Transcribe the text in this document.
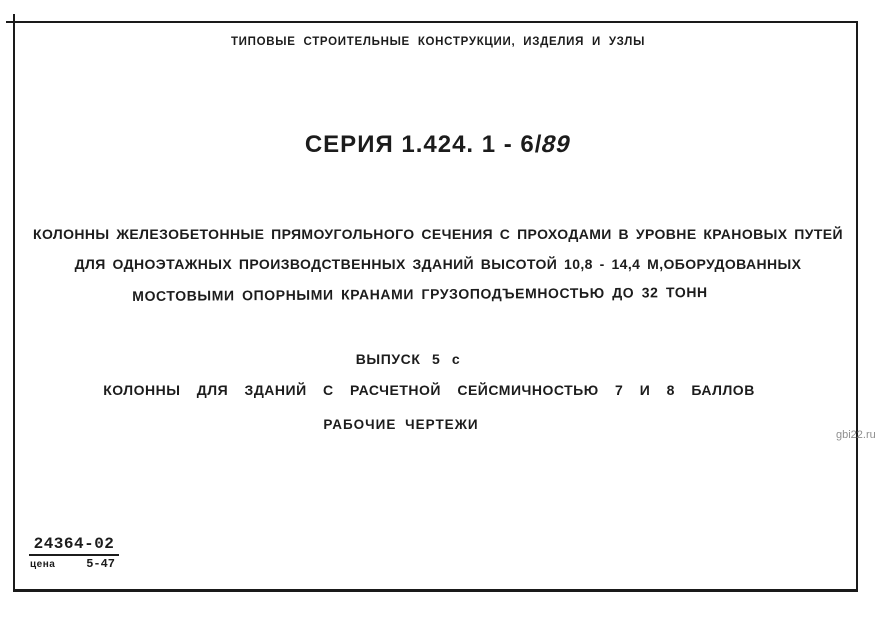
ТИПОВЫЕ СТРОИТЕЛЬНЫЕ КОНСТРУКЦИИ, ИЗДЕЛИЯ И УЗЛЫ
СЕРИЯ 1.424. 1 - 6/89
КОЛОННЫ ЖЕЛЕЗОБЕТОННЫЕ ПРЯМОУГОЛЬНОГО СЕЧЕНИЯ С ПРОХОДАМИ В УРОВНЕ КРАНОВЫХ ПУТЕЙ
ДЛЯ ОДНОЭТАЖНЫХ ПРОИЗВОДСТВЕННЫХ ЗДАНИЙ ВЫСОТОЙ 10,8 - 14,4 М,ОБОРУДОВАННЫХ
МОСТОВЫМИ ОПОРНЫМИ КРАНАМИ ГРУЗОПОДЪЕМНОСТЬЮ ДО 32 ТОНН
ВЫПУСК 5 с
КОЛОННЫ ДЛЯ ЗДАНИЙ С РАСЧЕТНОЙ СЕЙСМИЧНОСТЬЮ 7 И 8 БАЛЛОВ
РАБОЧИЕ ЧЕРТЕЖИ
gbi22.ru
24364-02
цена	5-47
